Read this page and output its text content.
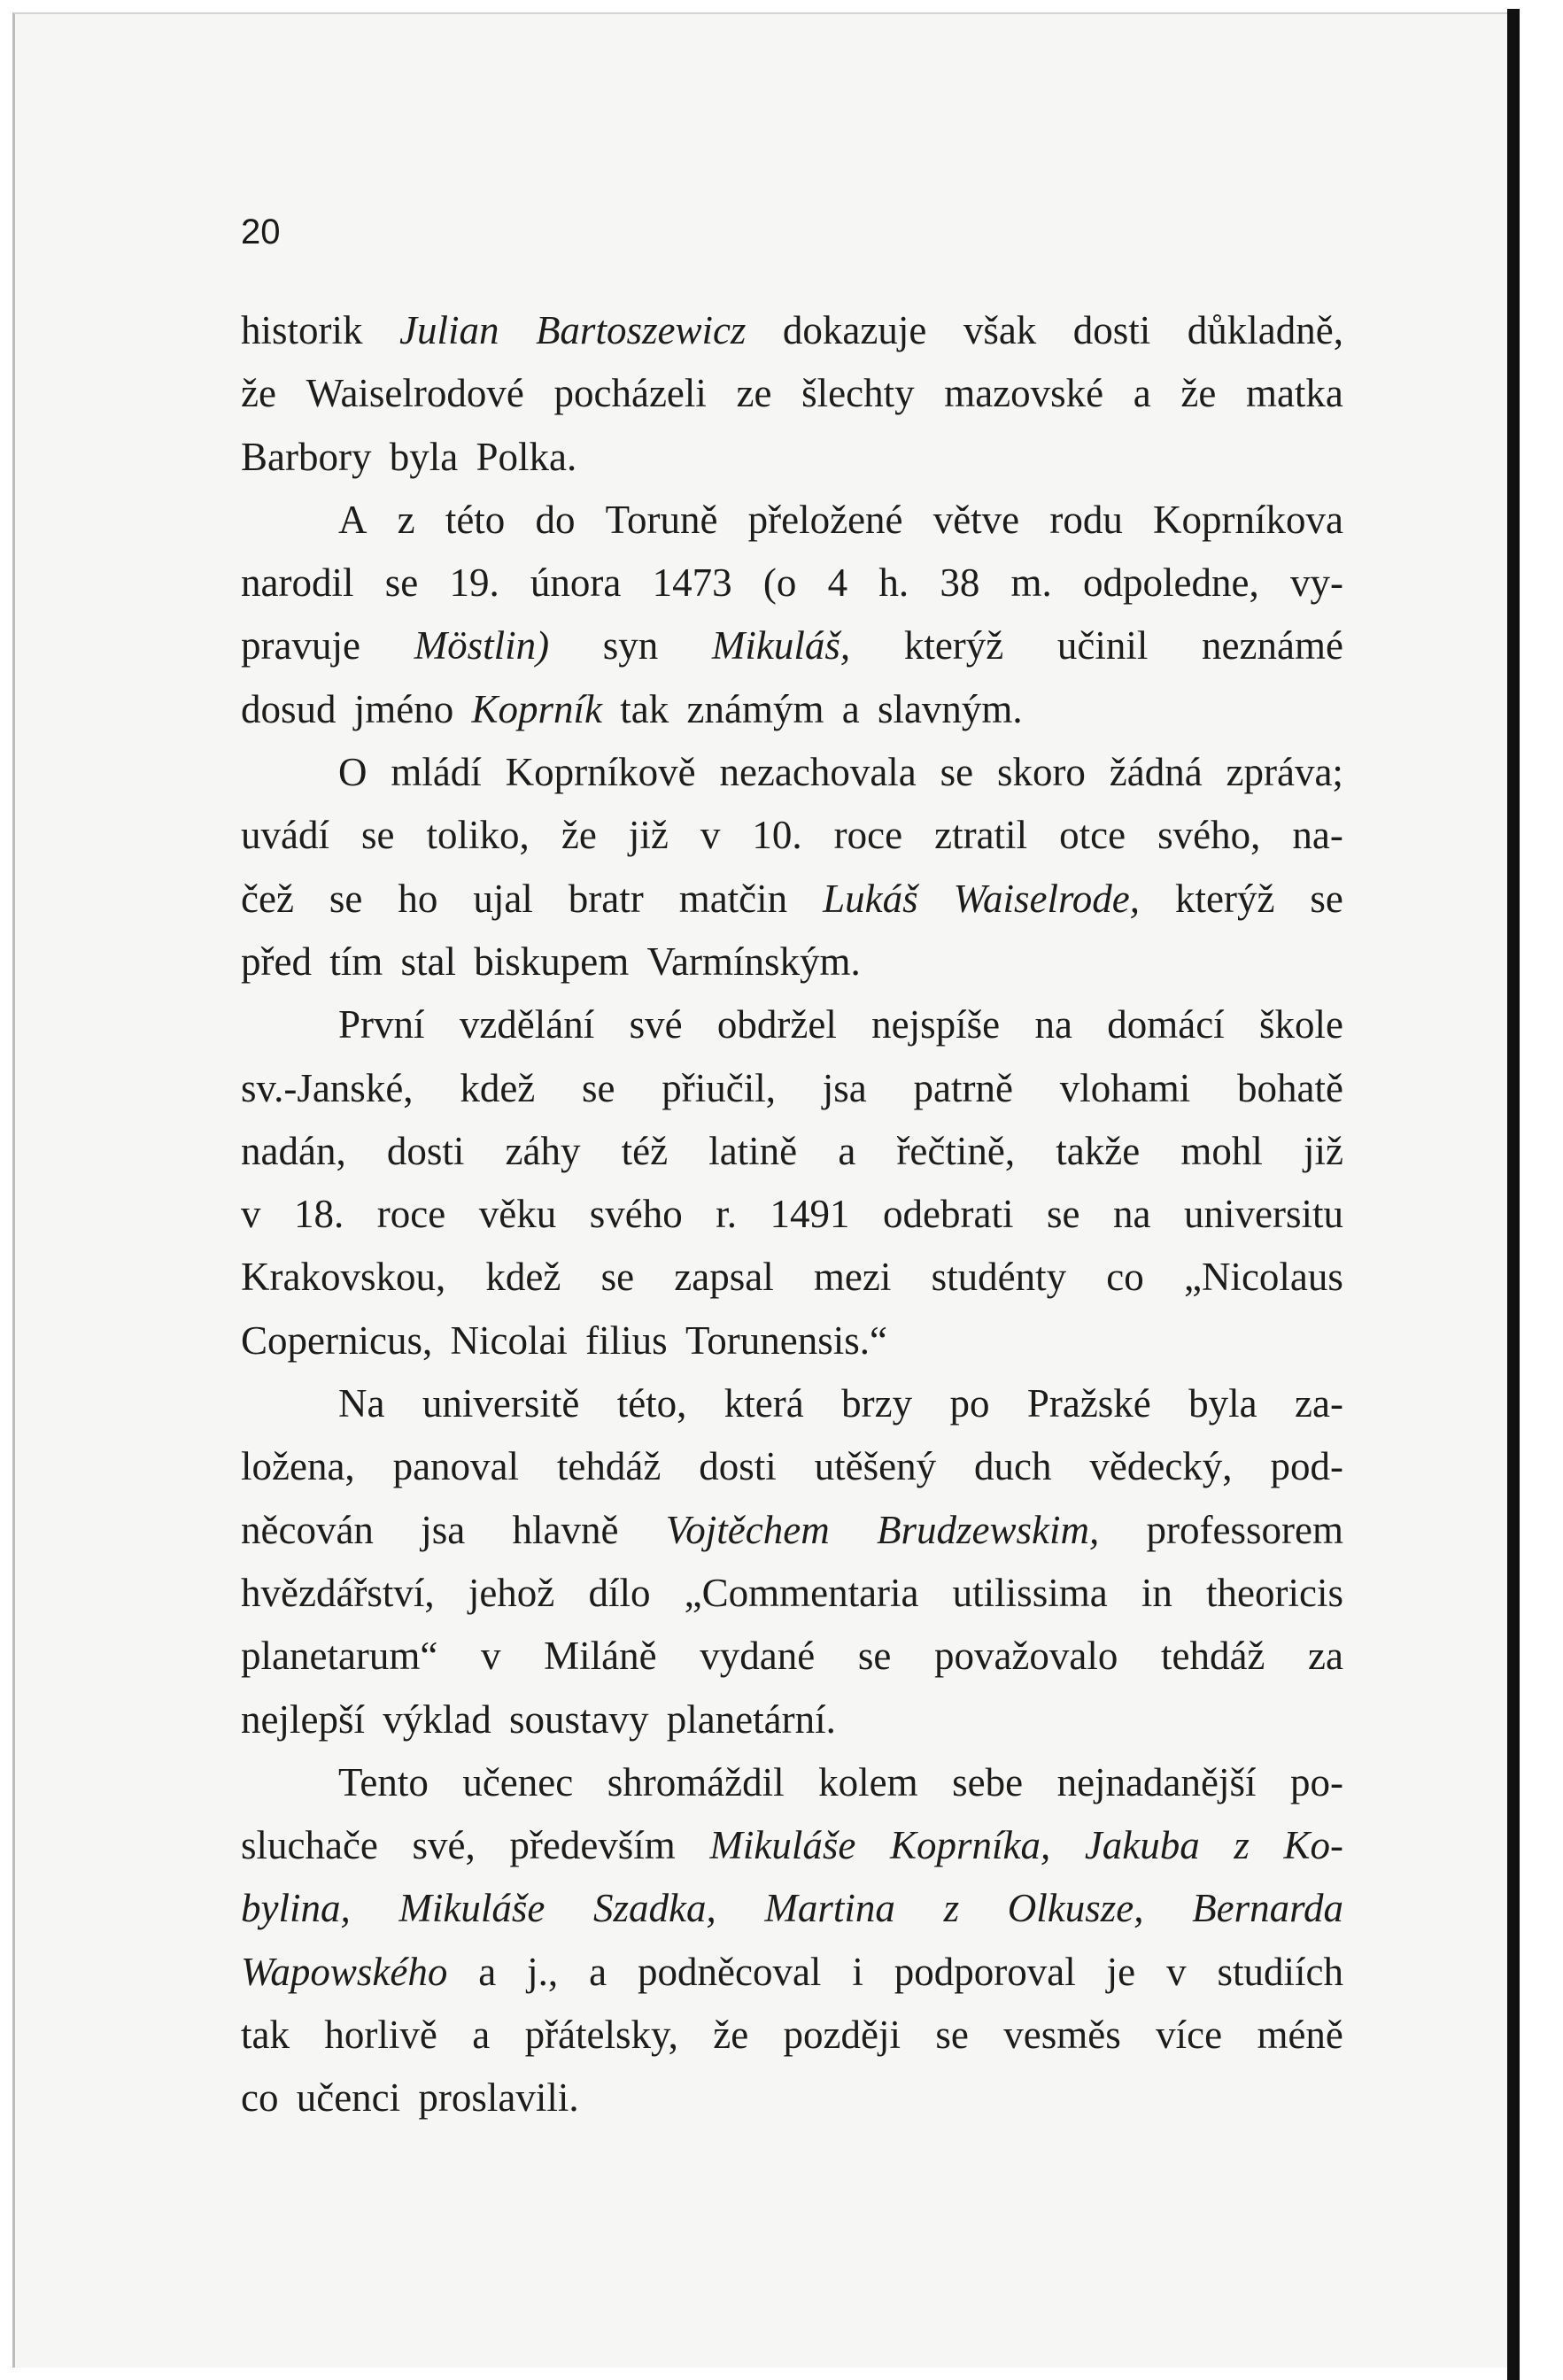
20

historik Julian Bartoszewicz dokazuje však dosti důkladně,
že Waiselrodové pocházeli ze šlechty mazovské a že matka
Barbory byla Polka.
A z této do Toruně přeložené větve rodu Koprníkova
narodil se 19. února 1473 (o 4 h. 38 m. odpoledne, vy-
pravuje Möstlin) syn Mikuláš, kterýž učinil neznámé
dosud jméno Koprník tak známým a slavným.
O mládí Koprníkově nezachovala se skoro žádná zpráva;
uvádí se toliko, že již v 10. roce ztratil otce svého, na-
čež se ho ujal bratr matčin Lukáš Waiselrode, kterýž se
před tím stal biskupem Varmínským.
První vzdělání své obdržel nejspíše na domácí škole
sv.-Janské, kdež se přiučil, jsa patrně vlohami bohatě
nadán, dosti záhy též latině a řečtině, takže mohl již
v 18. roce věku svého r. 1491 odebrati se na universitu
Krakovskou, kdež se zapsal mezi studénty co „Nicolaus
Copernicus, Nicolai filius Torunensis.“
Na universitě této, která brzy po Pražské byla za-
ložena, panoval tehdáž dosti utěšený duch vědecký, pod-
něcován jsa hlavně Vojtěchem Brudzewskim, professorem
hvězdářství, jehož dílo „Commentaria utilissima in theoricis
planetarum“ v Miláně vydané se považovalo tehdáž za
nejlepší výklad soustavy planetární.
Tento učenec shromáždil kolem sebe nejnadanější po-
sluchače své, především Mikuláše Koprníka, Jakuba z Ko-
bylina, Mikuláše Szadka, Martina z Olkusze, Bernarda
Wapowského a j., a podněcoval i podporoval je v studiích
tak horlivě a přátelsky, že později se vesměs více méně
co učenci proslavili.
